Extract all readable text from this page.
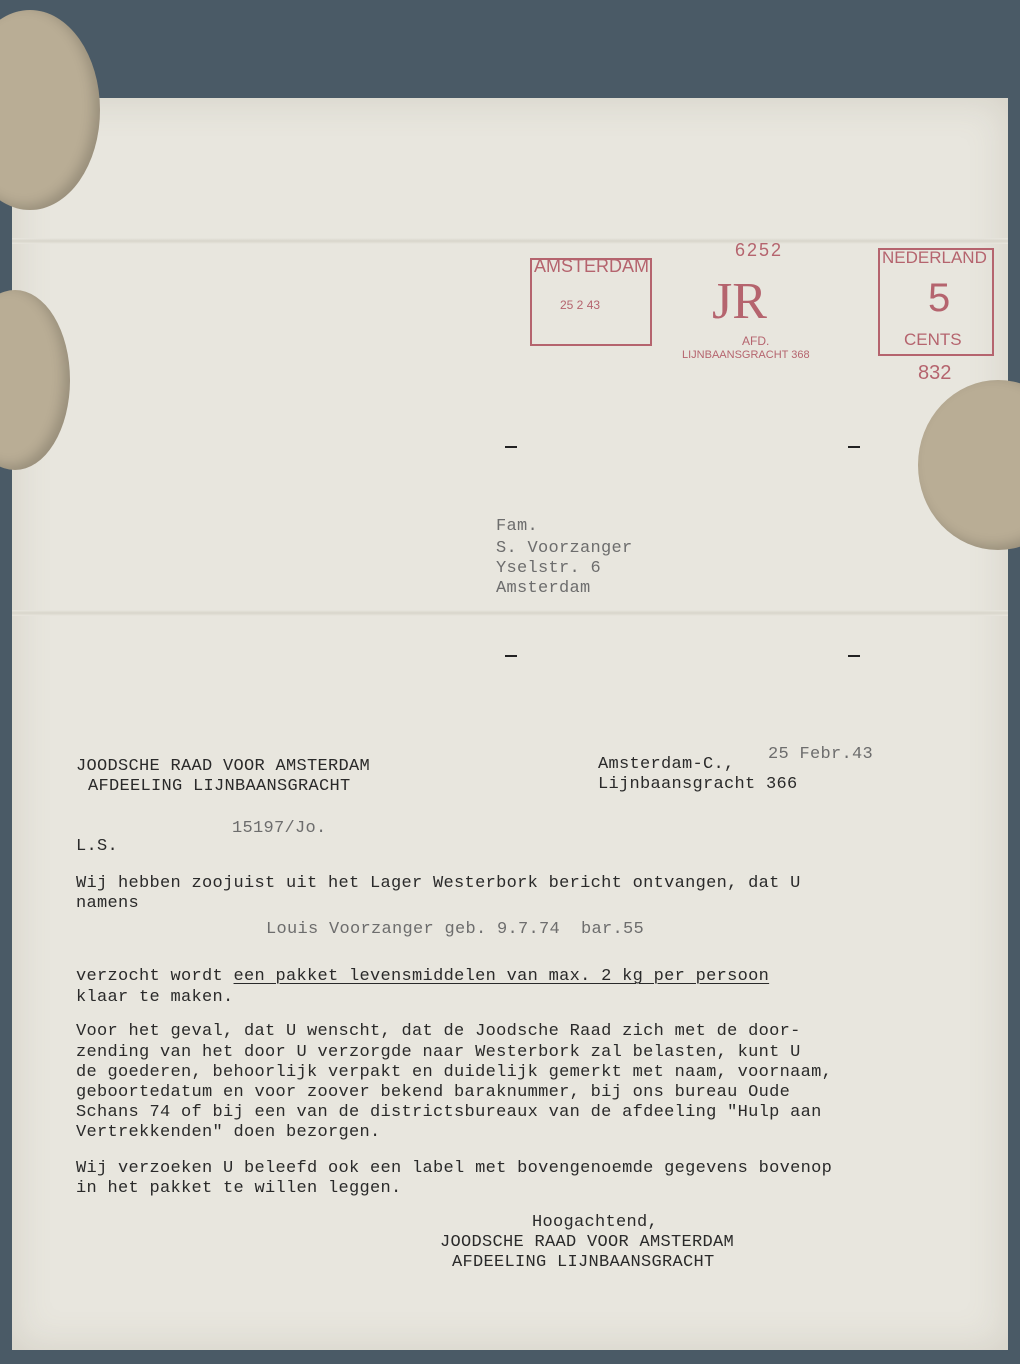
AMSTERDAM
25 2 43
6252
JR
AFD.
LIJNBAANSGRACHT 368
NEDERLAND
5
CENTS
832
Fam.
S. Voorzanger
Yselstr. 6
Amsterdam
JOODSCHE RAAD VOOR AMSTERDAM
AFDEELING LIJNBAANSGRACHT
Amsterdam-C.,
25 Febr.43
Lijnbaansgracht 366
15197/Jo.
L.S.
Wij hebben zoojuist uit het Lager Westerbork bericht ontvangen, dat U
namens
Louis Voorzanger geb. 9.7.74  bar.55
verzocht wordt een pakket levensmiddelen van max. 2 kg per persoon
klaar te maken.
Voor het geval, dat U wenscht, dat de Joodsche Raad zich met de door-
zending van het door U verzorgde naar Westerbork zal belasten, kunt U
de goederen, behoorlijk verpakt en duidelijk gemerkt met naam, voornaam,
geboortedatum en voor zoover bekend baraknummer, bij ons bureau Oude
Schans 74 of bij een van de districtsbureaux van de afdeeling "Hulp aan
Vertrekkenden" doen bezorgen.
Wij verzoeken U beleefd ook een label met bovengenoemde gegevens bovenop
in het pakket te willen leggen.
Hoogachtend,
JOODSCHE RAAD VOOR AMSTERDAM
AFDEELING LIJNBAANSGRACHT
